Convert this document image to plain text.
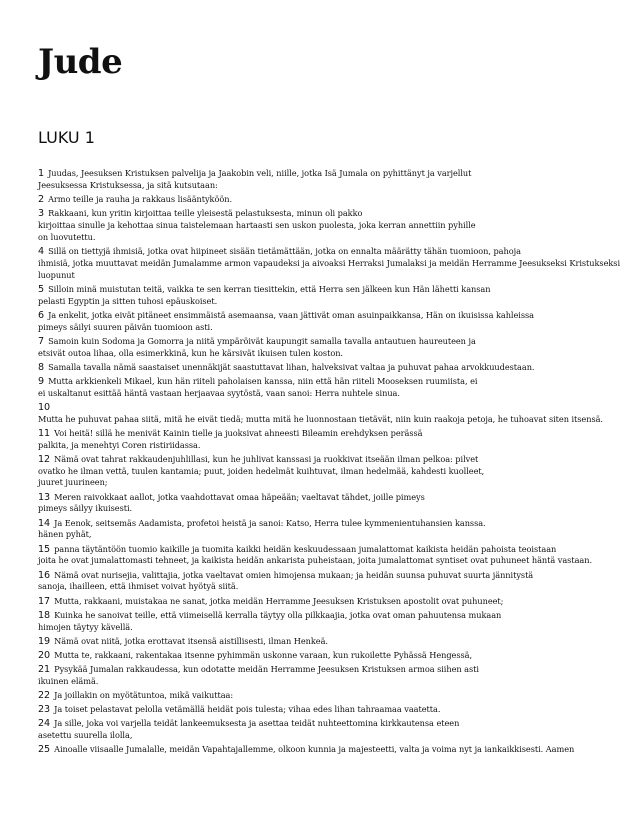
Jude
LUKU 1
1 Juudas, Jeesuksen Kristuksen palvelija ja Jaakobin veli, niille, jotka Isä Jumala on pyhittänyt ja varjellut

Jeesuksessa Kristuksessa, ja sitä kutsutaan:
2 Armo teille ja rauha ja rakkaus lisääntyköön.
3 Rakkaani, kun yritin kirjoittaa teille yleisestä pelastuksesta, minun oli pakko

kirjoittaa sinulle ja kehottaa sinua taistelemaan hartaasti sen uskon puolesta, joka kerran annettiin pyhille
on luovutettu.
4 Sillä on tiettyjä ihmisiä, jotka ovat hiipineet sisään tietämättään, jotka on ennalta määrätty tähän tuomioon, pahoja

ihmisiä, jotka muuttavat meidän Jumalamme armon vapaudeksi ja aivoaksi Herraksi Jumalaksi ja meidän Herramme Jeesukseksi Kristukseksi
luopunut
5 Silloin minä muistutan teitä, vaikka te sen kerran tiesittekin, että Herra sen jälkeen kun Hän lähetti kansan

pelasti Egyptin ja sitten tuhosi epäuskoiset.
6 Ja enkelit, jotka eivät pitäneet ensimmäistä asemaansa, vaan jättivät oman asuinpaikkansa, Hän on ikuisissa kahleissa

pimeys säilyi suuren päivän tuomioon asti.
7 Samoin kuin Sodoma ja Gomorra ja niitä ympäröivät kaupungit samalla tavalla antautuen haureuteen ja

etsivät outoa lihaa, olla esimerkkinä, kun he kärsivät ikuisen tulen koston.
8 Samalla tavalla nämä saastaiset unennäkijät saastuttavat lihan, halveksivat valtaa ja puhuvat pahaa arvokkuudestaan.
9 Mutta arkkienkeli Mikael, kun hän riiteli paholaisen kanssa, niin että hän riiteli Mooseksen ruumiista, ei

ei uskaltanut esittää häntä vastaan herjaavaa syytöstä, vaan sanoi: Herra nuhtele sinua.
10 Mutta he puhuvat pahaa siitä, mitä he eivät tiedä; mutta mitä he luonnostaan tietävät, niin kuin raakoja petoja, he tuhoavat siten itsensä.
11 Voi heitä! sillä he menivät Kainin tielle ja juoksivat ahneesti Bileamin erehdyksen perässä

palkita, ja menehtyi Coren ristiriidassa.
12 Nämä ovat tahrat rakkaudenjuhlillasi, kun he juhlivat kanssasi ja ruokkivat itseään ilman pelkoa: pilvet

ovatko he ilman vettä, tuulen kantamia; puut, joiden hedelmät kuihtuvat, ilman hedelmää, kahdesti kuolleet,
juuret juurineen;
13 Meren raivokkaat aallot, jotka vaahdottavat omaa häpeään; vaeltavat tähdet, joille pimeys

pimeys säilyy ikuisesti.
14 Ja Eenok, seitsemäs Aadamista, profetoi heistä ja sanoi: Katso, Herra tulee kymmenientuhansien kanssa.

hänen pyhät,
15 panna täytäntöön tuomio kaikille ja tuomita kaikki heidän keskuudessaan jumalattomat kaikista heidän pahoista teoistaan

joita he ovat jumalattomasti tehneet, ja kaikista heidän ankarista puheistaan, joita jumalattomat syntiset ovat puhuneet häntä vastaan.
16 Nämä ovat nurisejia, valittajia, jotka vaeltavat omien himojensa mukaan; ja heidän suunsa puhuvat suurta jännitystä

sanoja, ihailleen, että ihmiset voivat hyötyä siitä.
17 Mutta, rakkaani, muistakaa ne sanat, jotka meidän Herramme Jeesuksen Kristuksen apostolit ovat puhuneet;
18 Kuinka he sanoivat teille, että viimeisellä kerralla täytyy olla pilkkaajia, jotka ovat oman pahuutensa mukaan

himojen täytyy kävellä.
19 Nämä ovat niitä, jotka erottavat itsensä aistillisesti, ilman Henkeä.
20 Mutta te, rakkaani, rakentakaa itsenne pyhimmän uskonne varaan, kun rukoilette Pyhässä Hengessä,
21 Pysykää Jumalan rakkaudessa, kun odotatte meidän Herramme Jeesuksen Kristuksen armoa siihen asti

ikuinen elämä.
22 Ja joillakin on myötätuntoa, mikä vaikuttaa:
23 Ja toiset pelastavat pelolla vetämällä heidät pois tulesta; vihaa edes lihan tahraamaa vaatetta.
24 Ja sille, joka voi varjella teidät lankeemuksesta ja asettaa teidät nuhteettomina kirkkautensa eteen

asetettu suurella ilolla,
25 Ainoalle viisaalle Jumalalle, meidän Vapahtajallemme, olkoon kunnia ja majesteetti, valta ja voima nyt ja iankaikkisesti. Aamen
